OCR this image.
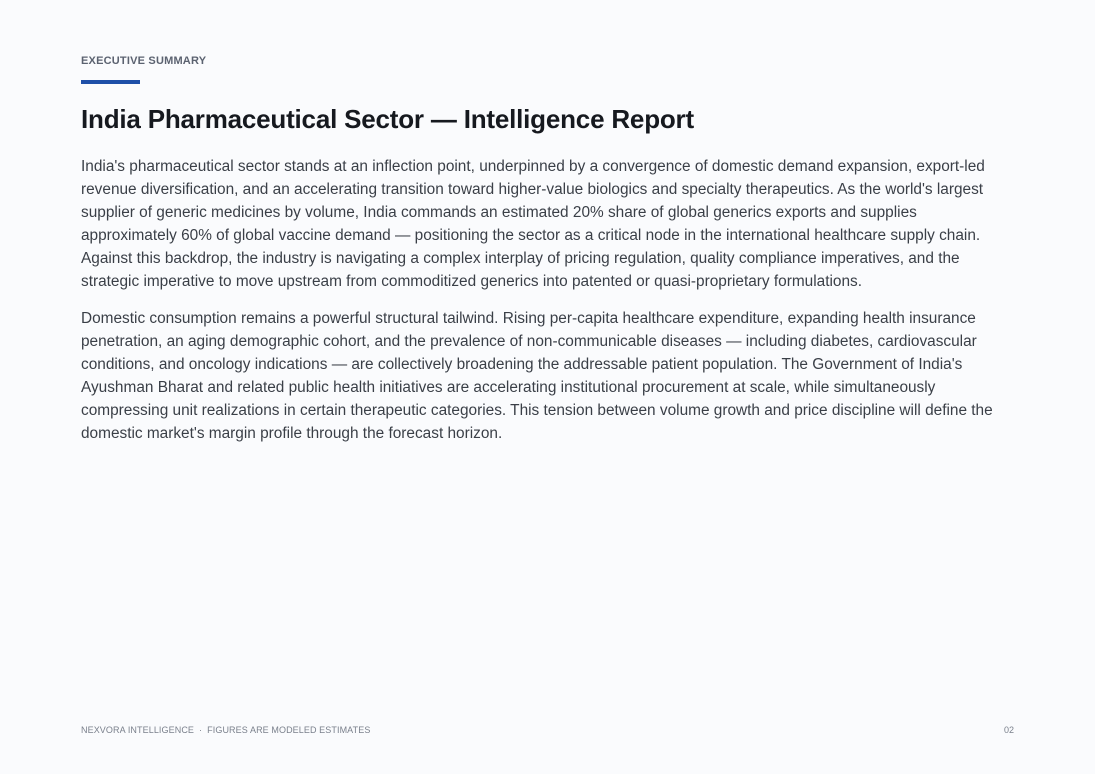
EXECUTIVE SUMMARY
India Pharmaceutical Sector — Intelligence Report

India's pharmaceutical sector stands at an inflection point, underpinned by a convergence of domestic demand expansion, export-led revenue diversification, and an accelerating transition toward higher-value biologics and specialty therapeutics. As the world's largest supplier of generic medicines by volume, India commands an estimated 20% share of global generics exports and supplies approximately 60% of global vaccine demand — positioning the sector as a critical node in the international healthcare supply chain. Against this backdrop, the industry is navigating a complex interplay of pricing regulation, quality compliance imperatives, and the strategic imperative to move upstream from commoditized generics into patented or quasi-proprietary formulations.

Domestic consumption remains a powerful structural tailwind. Rising per-capita healthcare expenditure, expanding health insurance penetration, an aging demographic cohort, and the prevalence of non-communicable diseases — including diabetes, cardiovascular conditions, and oncology indications — are collectively broadening the addressable patient population. The Government of India's Ayushman Bharat and related public health initiatives are accelerating institutional procurement at scale, while simultaneously compressing unit realizations in certain therapeutic categories. This tension between volume growth and price discipline will define the domestic market's margin profile through the forecast horizon.

NEXVORA INTELLIGENCE · FIGURES ARE MODELED ESTIMATES	02
